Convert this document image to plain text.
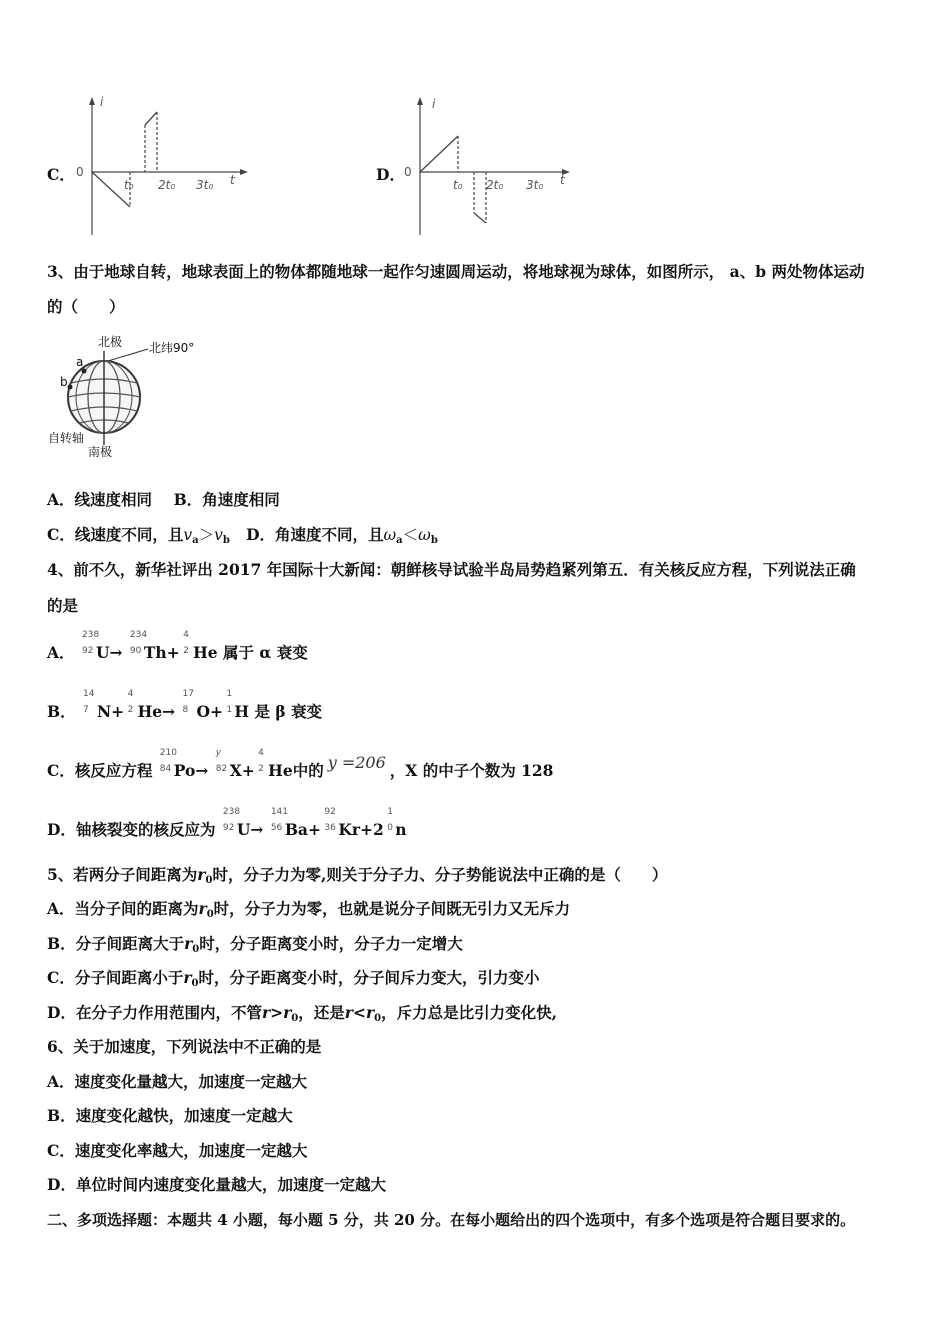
C．
i
0
t₀ 2t₀ 3t₀ t	D．
i
0
t₀ 2t₀ 3t₀ t
3、由于地球自转，地球表面上的物体都随地球一起作匀速圆周运动，将地球视为球体，如图所示， a、b 两处物体运动
的（　　）
北极 北纬90°
a
b
自转轴
南极
A．线速度相同 B．角速度相同
C．线速度不同，且va＞vb D．角速度不同，且ωa＜ωb
4、前不久，新华社评出 2017 年国际十大新闻：朝鲜核导试验半岛局势趋紧列第五．有关核反应方程，下列说法正确
的是
A．
238
92 U→
234
90 Th+
4
2 He 属于 α 衰变
B．
14
7 N+
4
2 He→
17
8 O+
1
1 H 是 β 衰变
C．核反应方程
210
84 Po→
y
82 X+
4
2 He中的 y =206 ，X 的中子个数为 128
D．铀核裂变的核反应为
238
92 U→
141
56 Ba+
92
36 Kr+2
1
0 n
5、若两分子间距离为r0时，分子力为零,则关于分子力、分子势能说法中正确的是（　　）
A．当分子间的距离为r0时，分子力为零，也就是说分子间既无引力又无斥力
B．分子间距离大于r0时，分子距离变小时，分子力一定增大
C．分子间距离小于r0时，分子距离变小时，分子间斥力变大，引力变小
D．在分子力作用范围内，不管r>r0，还是r<r0，斥力总是比引力变化快,
6、关于加速度，下列说法中不正确的是
A．速度变化量越大，加速度一定越大
B．速度变化越快，加速度一定越大
C．速度变化率越大，加速度一定越大
D．单位时间内速度变化量越大，加速度一定越大
二、多项选择题：本题共 4 小题，每小题 5 分，共 20 分。在每小题给出的四个选项中，有多个选项是符合题目要求的。
